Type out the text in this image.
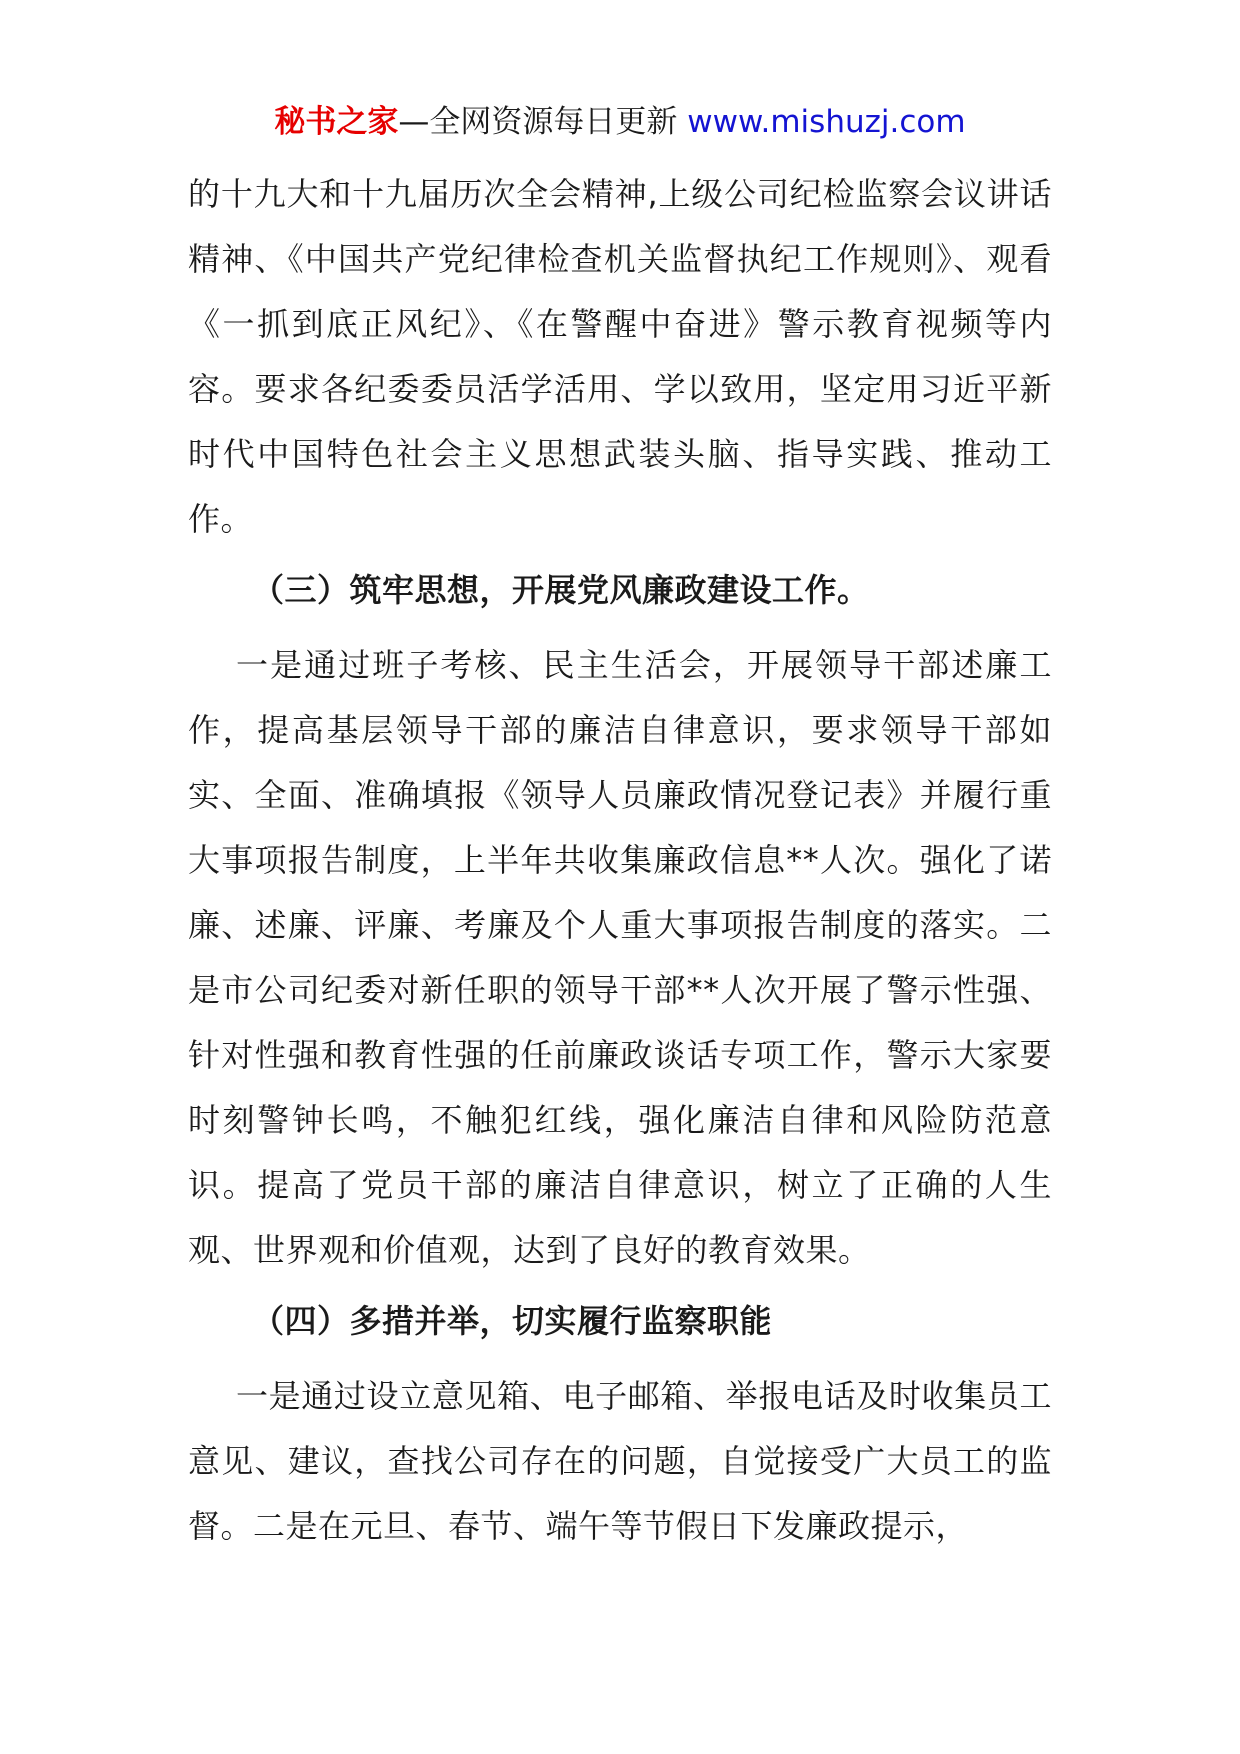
秘书之家—全网资源每日更新 www.mishuzj.com

的十九大和十九届历次全会精神,上级公司纪检监察会议讲话精神、《中国共产党纪律检查机关监督执纪工作规则》、观看《一抓到底正风纪》、《在警醒中奋进》警示教育视频等内容。要求各纪委委员活学活用、学以致用，坚定用习近平新时代中国特色社会主义思想武装头脑、指导实践、推动工作。

（三）筑牢思想，开展党风廉政建设工作。

一是通过班子考核、民主生活会，开展领导干部述廉工作，提高基层领导干部的廉洁自律意识，要求领导干部如实、全面、准确填报《领导人员廉政情况登记表》并履行重大事项报告制度，上半年共收集廉政信息**人次。强化了诺廉、述廉、评廉、考廉及个人重大事项报告制度的落实。二是市公司纪委对新任职的领导干部**人次开展了警示性强、针对性强和教育性强的任前廉政谈话专项工作，警示大家要时刻警钟长鸣，不触犯红线，强化廉洁自律和风险防范意识。提高了党员干部的廉洁自律意识，树立了正确的人生观、世界观和价值观，达到了良好的教育效果。

（四）多措并举，切实履行监察职能

一是通过设立意见箱、电子邮箱、举报电话及时收集员工意见、建议，查找公司存在的问题，自觉接受广大员工的监督。二是在元旦、春节、端午等节假日下发廉政提示，
